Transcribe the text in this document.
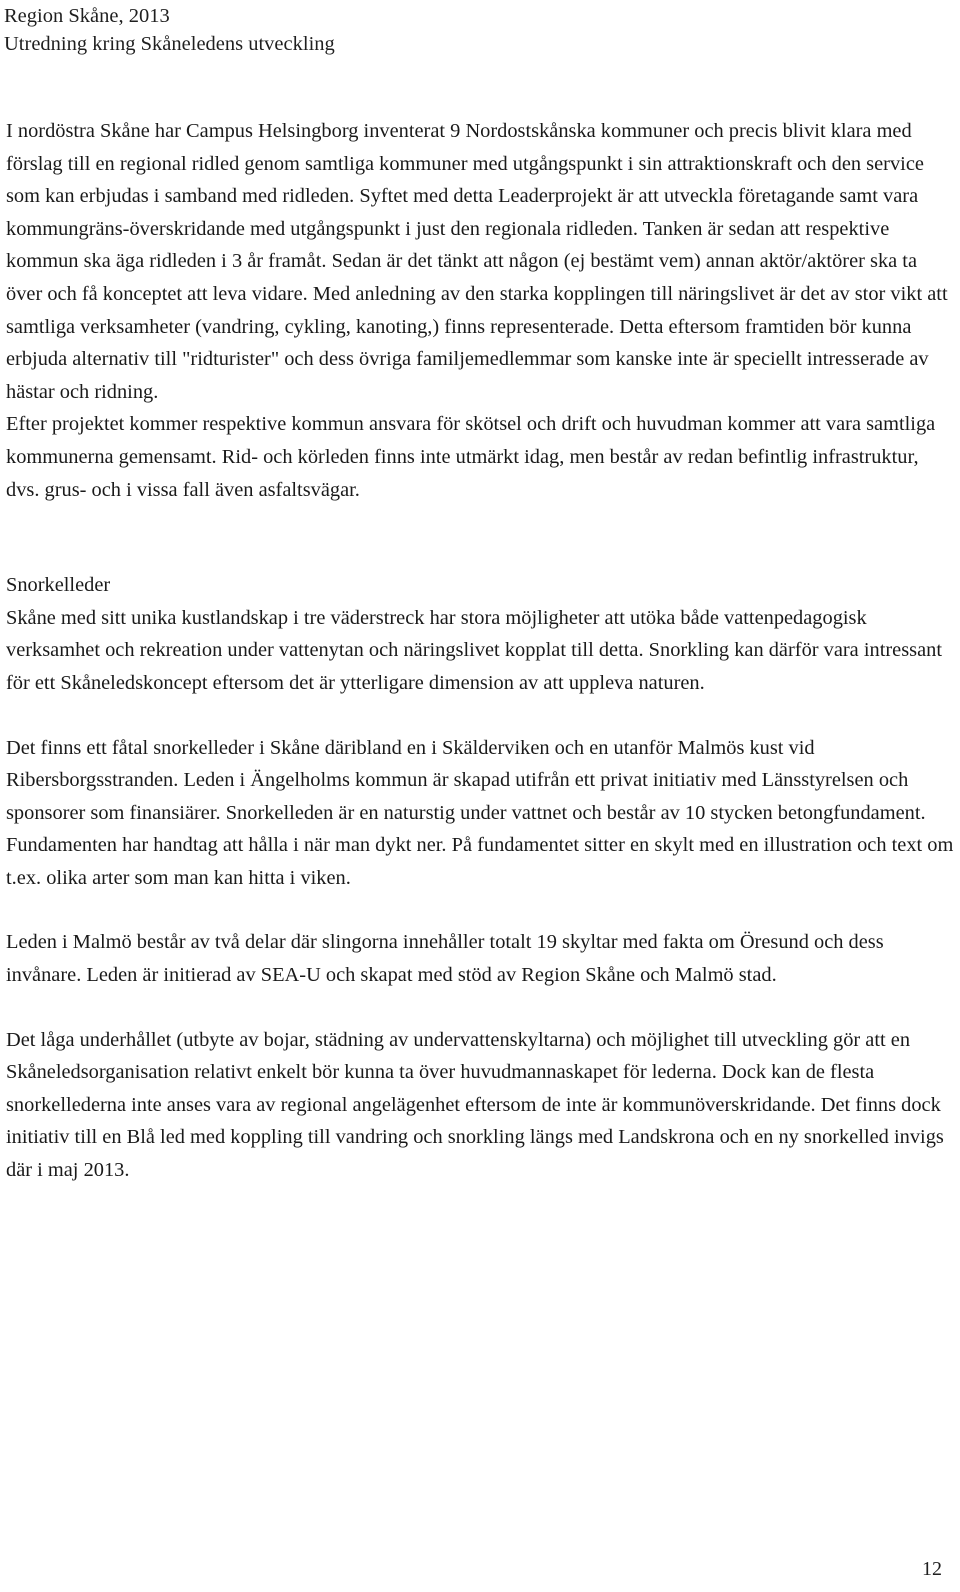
Region Skåne, 2013
Utredning kring Skåneledens utveckling

I nordöstra Skåne har Campus Helsingborg inventerat 9 Nordostskånska kommuner och precis blivit klara med förslag till en regional ridled genom samtliga kommuner med utgångspunkt i sin attraktionskraft och den service som kan erbjudas i samband med ridleden. Syftet med detta Leaderprojekt är att utveckla företagande samt vara kommungräns-överskridande med utgångspunkt i just den regionala ridleden. Tanken är sedan att respektive kommun ska äga ridleden i 3 år framåt. Sedan är det tänkt att någon (ej bestämt vem) annan aktör/aktörer ska ta över och få konceptet att leva vidare. Med anledning av den starka kopplingen till näringslivet är det av stor vikt att samtliga verksamheter (vandring, cykling, kanoting,) finns representerade. Detta eftersom framtiden bör kunna erbjuda alternativ till "ridturister" och dess övriga familjemedlemmar som kanske inte är speciellt intresserade av hästar och ridning.

Efter projektet kommer respektive kommun ansvara för skötsel och drift och huvudman kommer att vara samtliga kommunerna gemensamt. Rid- och körleden finns inte utmärkt idag, men består av redan befintlig infrastruktur, dvs. grus- och i vissa fall även asfaltsvägar.

Snorkelleder

Skåne med sitt unika kustlandskap i tre väderstreck har stora möjligheter att utöka både vattenpedagogisk verksamhet och rekreation under vattenytan och näringslivet kopplat till detta. Snorkling kan därför vara intressant för ett Skåneledskoncept eftersom det är ytterligare dimension av att uppleva naturen.

Det finns ett fåtal snorkelleder i Skåne däribland en i Skälderviken och en utanför Malmös kust vid Ribersborgsstranden. Leden i Ängelholms kommun är skapad utifrån ett privat initiativ med Länsstyrelsen och sponsorer som finansiärer. Snorkelleden är en naturstig under vattnet och består av 10 stycken betongfundament. Fundamenten har handtag att hålla i när man dykt ner. På fundamentet sitter en skylt med en illustration och text om t.ex. olika arter som man kan hitta i viken.

Leden i Malmö består av två delar där slingorna innehåller totalt 19 skyltar med fakta om Öresund och dess invånare. Leden är initierad av SEA-U och skapat med stöd av Region Skåne och Malmö stad.

Det låga underhållet (utbyte av bojar, städning av undervattenskyltarna) och möjlighet till utveckling gör att en Skåneledsorganisation relativt enkelt bör kunna ta över huvudmannaskapet för lederna. Dock kan de flesta snorkellederna inte anses vara av regional angelägenhet eftersom de inte är kommunöverskridande. Det finns dock initiativ till en Blå led med koppling till vandring och snorkling längs med Landskrona och en ny snorkelled invigs där i maj 2013.

12
